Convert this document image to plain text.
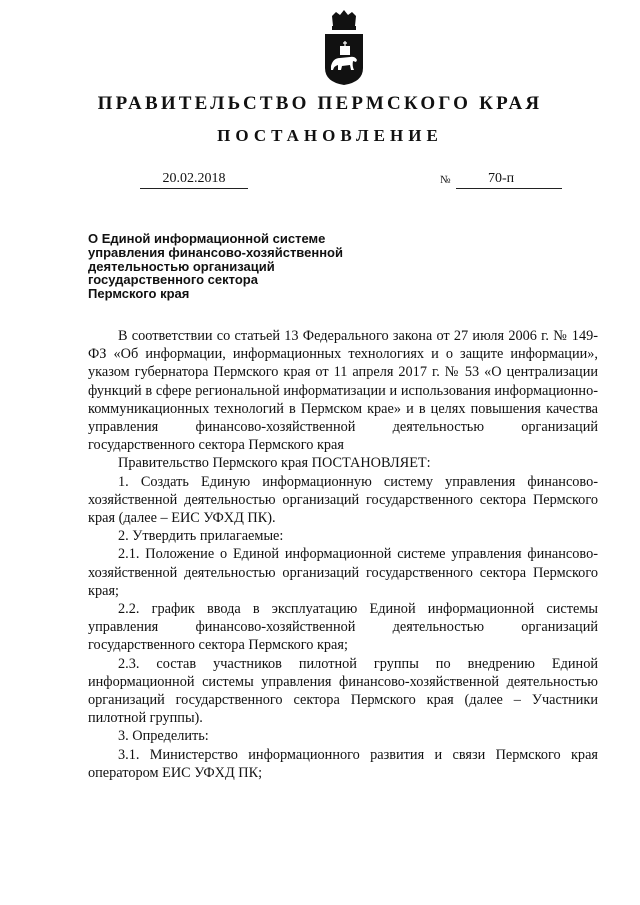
ПРАВИТЕЛЬСТВО ПЕРМСКОГО КРАЯ
ПОСТАНОВЛЕНИЕ
20.02.2018	№	70-п
О Единой информационной системе
управления финансово-хозяйственной
деятельностью организаций
государственного сектора
Пермского края

В соответствии со статьей 13 Федерального закона от 27 июля 2006 г. № 149-ФЗ «Об информации, информационных технологиях и о защите информации», указом губернатора Пермского края от 11 апреля 2017 г. № 53 «О централизации функций в сфере региональной информатизации и использования информационно-коммуникационных технологий в Пермском крае» и в целях повышения качества управления финансово-хозяйственной деятельностью организаций государственного сектора Пермского края

Правительство Пермского края ПОСТАНОВЛЯЕТ:

1. Создать Единую информационную систему управления финансово-хозяйственной деятельностью организаций государственного сектора Пермского края (далее – ЕИС УФХД ПК).

2. Утвердить прилагаемые:

2.1. Положение о Единой информационной системе управления финансово-хозяйственной деятельностью организаций государственного сектора Пермского края;

2.2. график ввода в эксплуатацию Единой информационной системы управления финансово-хозяйственной деятельностью организаций государственного сектора Пермского края;

2.3. состав участников пилотной группы по внедрению Единой информационной системы управления финансово-хозяйственной деятельностью организаций государственного сектора Пермского края (далее – Участники пилотной группы).

3. Определить:

3.1. Министерство информационного развития и связи Пермского края оператором ЕИС УФХД ПК;
